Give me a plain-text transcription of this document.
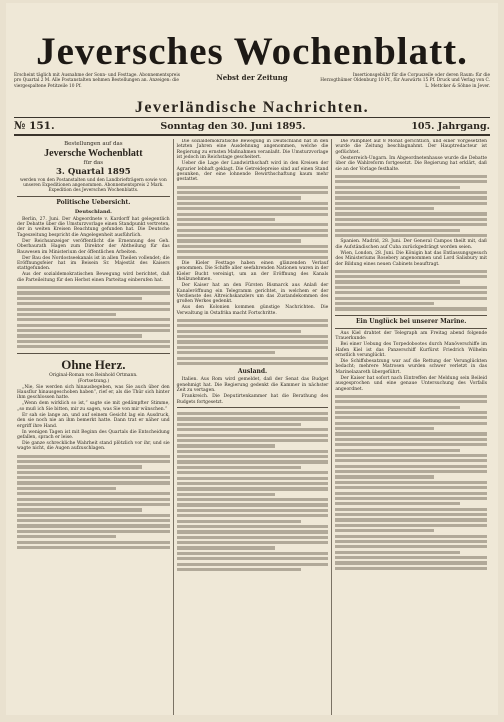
Jeversches Wochenblatt.
Erscheint täglich mit Ausnahme der Sonn- und Festtage. Abonnementspreis pro Quartal 2 M. Alle Postanstalten nehmen Bestellungen an. Anzeigen: die viergespaltene Petitzeile 10 Pf.
Nebst der Zeitung	Insertionsgebühr für die Corpuszeile oder deren Raum: für die Herzogthümer Oldenburg 10 Pf., für Auswärts 15 Pf. Druck und Verlag von C. L. Mettcker & Söhne in Jever.
Jeverländische Nachrichten.
№ 151.	Sonntag den 30. Juni 1895.	105. Jahrgang.
Bestellungen auf das
Jeversche Wochenblatt
für das
3. Quartal 1895
werden von den Postanstalten und den Landbriefträgern sowie von unseren Expeditionen angenommen. Abonnementspreis 2 Mark.
Expedition des Jeverschen Wochenblatts.
Politische Uebersicht.
Deutschland.
Berlin, 27. Juni. Der Abgeordnete v. Kardorff hat gelegentlich der Debatte über die Umsturzvorlage einen Standpunkt vertreten, der in weiten Kreisen Beachtung gefunden hat. Die Deutsche Tageszeitung bespricht die Angelegenheit ausführlich.
Der Reichsanzeiger veröffentlicht die Ernennung des Geh. Oberbaurath Hagen zum Direktor der Abtheilung für das Bauwesen im Ministerium der öffentlichen Arbeiten.
Der Bau des Nordostseekanals ist in allen Theilen vollendet; die Eröffnungsfeier hat im Beisein Sr. Majestät des Kaisers stattgefunden.
Aus der sozialdemokratischen Bewegung wird berichtet, daß die Parteileitung für den Herbst einen Parteitag einberufen hat.
Ohne Herz.
Original-Roman von Reinhold Ortmann.
(Fortsetzung.)
„Nie, Sie werden sich hinausbegeben, was Sie auch über den Hausflur hinausgeschoben haben“, rief er, als die Thür sich hinter ihm geschlossen hatte.
„Wenn dem wirklich so ist,“ sagte sie mit gedämpfter Stimme, „so muß ich Sie bitten, mir zu sagen, was Sie von mir wünschen.“
Er sah sie lange an, und auf seinem Gesicht lag ein Ausdruck, den sie noch nie an ihm bemerkt hatte. Dann trat er näher und ergriff ihre Hand.
In wenigen Tagen ist mit Beginn des Quartals die Entscheidung gefallen, sprach er leise.
Die ganze schreckliche Wahrheit stand plötzlich vor ihr, und sie wagte nicht, die Augen aufzuschlagen.
Die sozialdemokratische Bewegung in Deutschland hat in den letzten Jahren eine Ausdehnung angenommen, welche die Regierung zu ernsten Maßnahmen veranlaßt. Die Umsturzvorlage ist jedoch im Reichstage gescheitert.
Ueber die Lage der Landwirthschaft wird in den Kreisen der Agrarier lebhaft geklagt. Die Getreidepreise sind auf einen Stand gesunken, der eine lohnende Bewirthschaftung kaum mehr gestattet.
Die Kieler Festtage haben einen glänzenden Verlauf genommen. Die Schiffe aller seefahrenden Nationen waren in der Kieler Bucht vereinigt, um an der Eröffnung des Kanals theilzunehmen.
Der Kaiser hat an den Fürsten Bismarck aus Anlaß der Kanaleröffnung ein Telegramm gerichtet, in welchem er der Verdienste des Altreichskanzlers um das Zustandekommen des großen Werkes gedenkt.
Aus den Kolonien kommen günstige Nachrichten. Die Verwaltung in Ostafrika macht Fortschritte.
Ausland.
Italien. Aus Rom wird gemeldet, daß der Senat das Budget genehmigt hat. Die Regierung gedenkt die Kammer in nächster Zeit zu vertagen.
Frankreich. Die Deputirtenkammer hat die Berathung des Budgets fortgesetzt.
Die Pamphlet auf 8 Monat gerichtlich, und einer Vorgesetzten wurde die Zeitung beschlagnahmt. Der Hauptredacteur ist geflüchtet.
Oesterreich-Ungarn. Im Abgeordnetenhause wurde die Debatte über die Wahlreform fortgesetzt. Die Regierung hat erklärt, daß sie an der Vorlage festhalte.
Spanien. Madrid, 28. Juni. Der General Campos theilt mit, daß die Aufständischen auf Cuba zurückgedrängt worden seien.
Wien, London, 28. Juni. Die Königin hat das Entlassungsgesuch des Ministeriums Rosebery angenommen und Lord Salisbury mit der Bildung eines neuen Cabinets beauftragt.
Ein Unglück bei unserer Marine.
Aus Kiel drahtet der Telegraph am Freitag abend folgende Trauerkunde:
Bei einer Uebung des Torpedobootes durch Manöverschiffe im Hafen Kiel ist das Panzerschiff Kurfürst Friedrich Wilhelm ernstlich verunglückt.
Die Schiffsbesatzung war auf die Rettung der Verunglückten bedacht; mehrere Matrosen wurden schwer verletzt in das Marinelazareth übergeführt.
Der Kaiser hat sofort nach Eintreffen der Meldung sein Beileid ausgesprochen und eine genaue Untersuchung des Vorfalls angeordnet.
